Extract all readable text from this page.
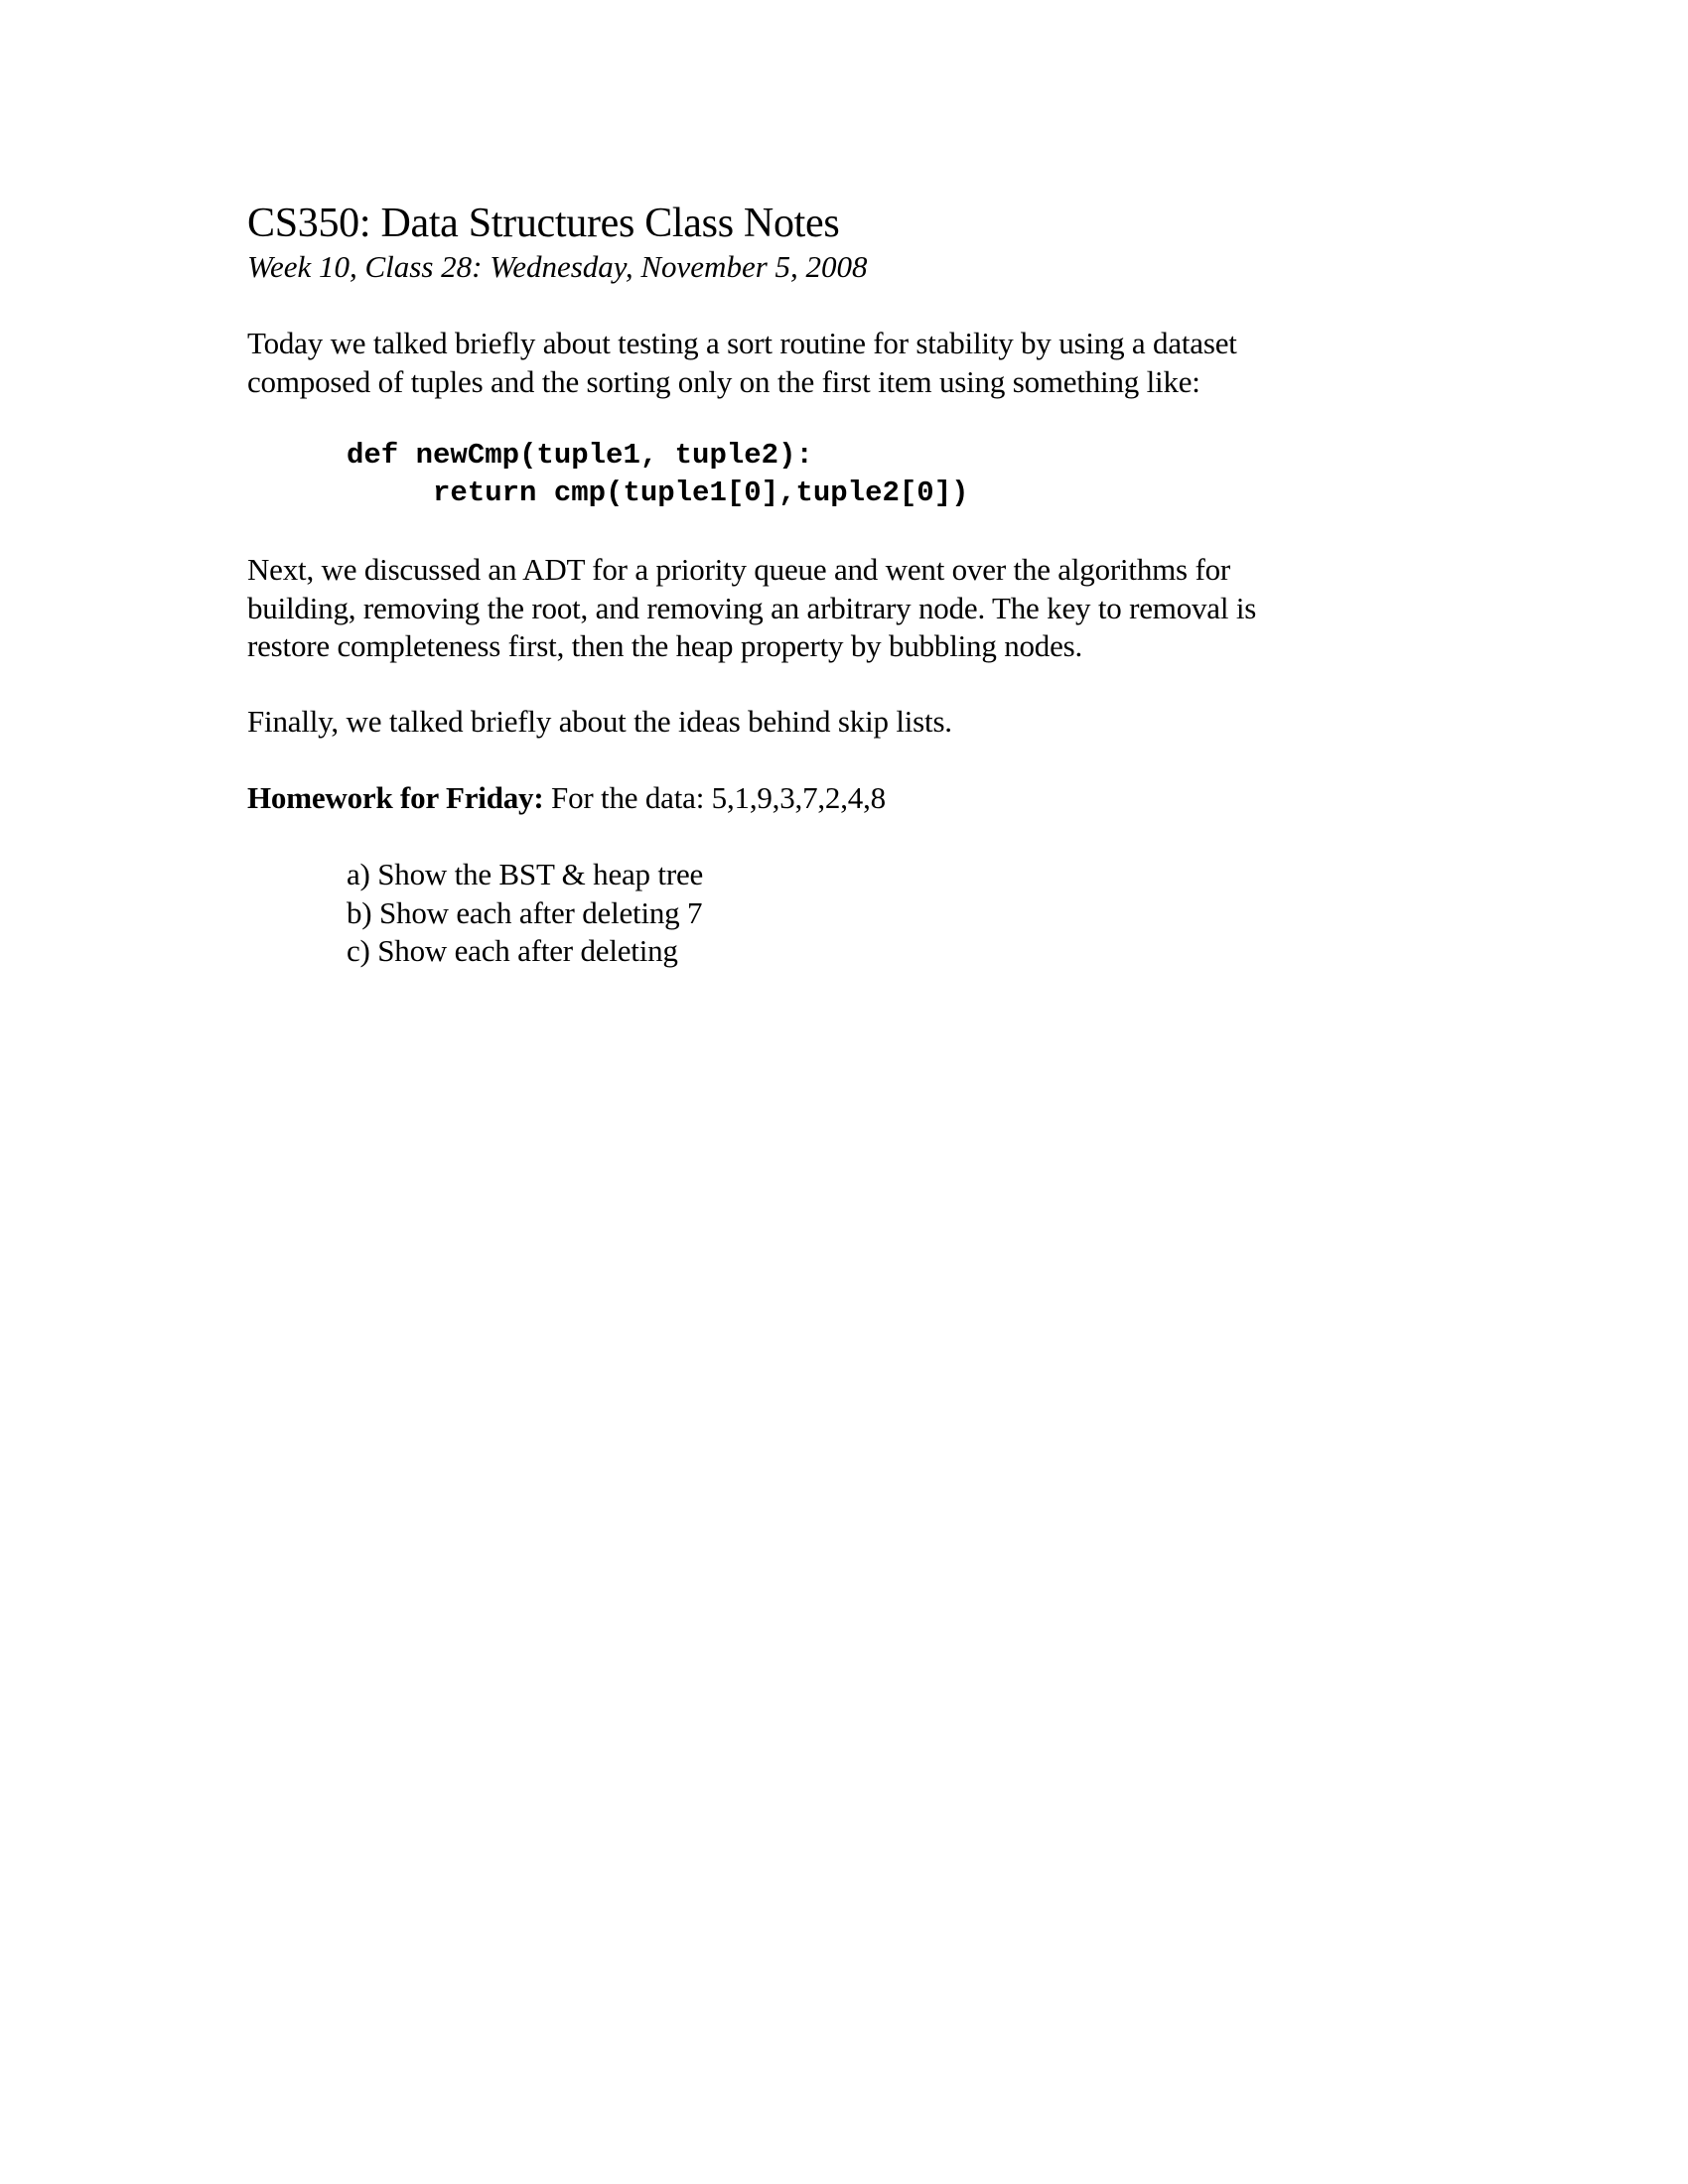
CS350: Data Structures Class Notes
Week 10, Class 28: Wednesday, November 5, 2008
Today we talked briefly about testing a sort routine for stability by using a dataset
composed of tuples and the sorting only on the first item using something like:
def newCmp(tuple1, tuple2):
return cmp(tuple1[0],tuple2[0])
Next, we discussed an ADT for a priority queue and went over the algorithms for
building, removing the root, and removing an arbitrary node. The key to removal is
restore completeness first, then the heap property by bubbling nodes.
Finally, we talked briefly about the ideas behind skip lists.
Homework for Friday: For the data: 5,1,9,3,7,2,4,8
a) Show the BST & heap tree
b) Show each after deleting 7
c) Show each after deleting
